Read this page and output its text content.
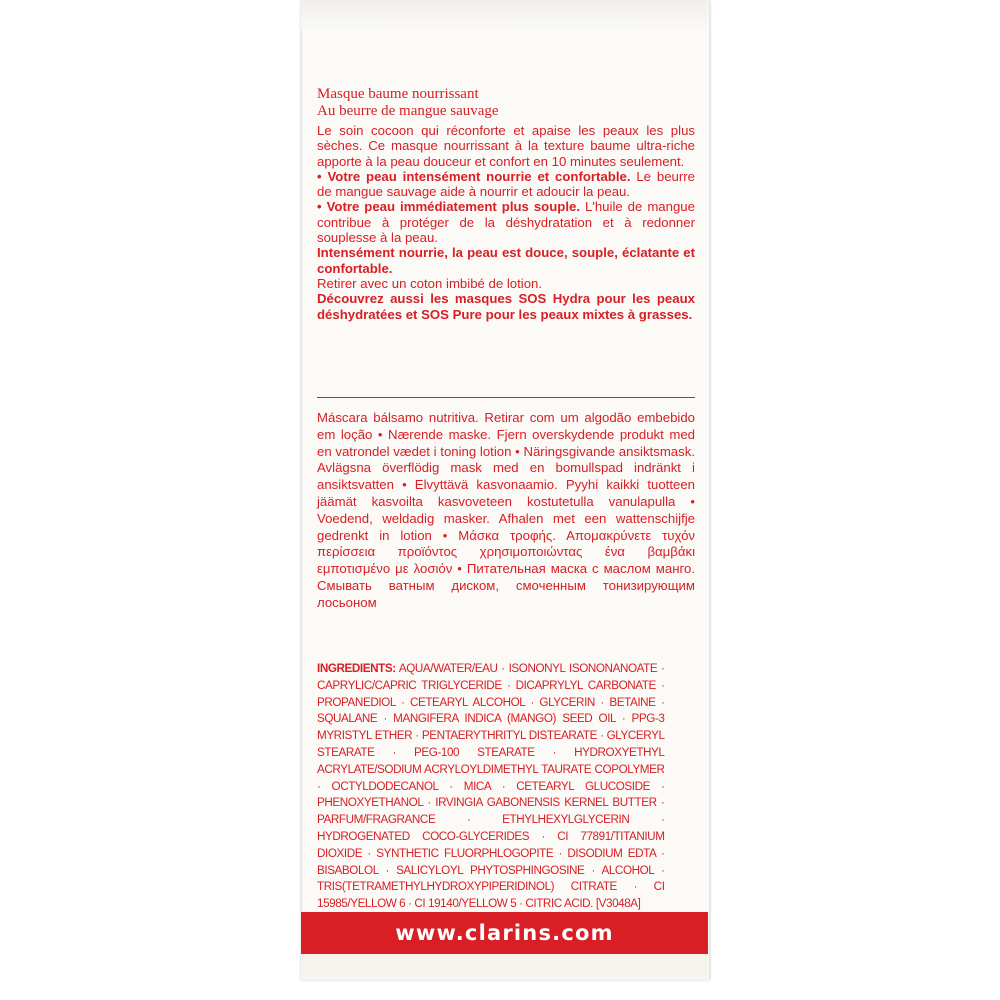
Masque baume nourrissant

Au beurre de mangue sauvage

Le soin cocoon qui réconforte et apaise les peaux les plus sèches. Ce masque nourrissant à la texture baume ultra-riche apporte à la peau douceur et confort en 10 minutes seulement.

• Votre peau intensément nourrie et confortable. Le beurre de mangue sauvage aide à nourrir et adoucir la peau.

• Votre peau immédiatement plus souple. L'huile de mangue contribue à protéger de la déshydratation et à redonner souplesse à la peau.

Intensément nourrie, la peau est douce, souple, éclatante et confortable.

Retirer avec un coton imbibé de lotion.

Découvrez aussi les masques SOS Hydra pour les peaux déshydratées et SOS Pure pour les peaux mixtes à grasses.

Máscara bálsamo nutritiva. Retirar com um algodão embebido em loção • Nærende maske. Fjern overskydende produkt med en vatrondel vædet i toning lotion • Näringsgivande ansiktsmask. Avlägsna överflödig mask med en bomullspad indränkt i ansiktsvatten • Elvyttävä kasvonaamio. Pyyhi kaikki tuotteen jäämät kasvoilta kasvoveteen kostutetulla vanulapulla • Voedend, weldadig masker. Afhalen met een wattenschijfje gedrenkt in lotion • Μάσκα τροφής. Απομακρύνετε τυχόν περίσσεια προϊόντος χρησιμοποιώντας ένα βαμβάκι εμποτισμένο με λοσιόν • Питательная маска с маслом манго. Смывать ватным диском, смоченным тонизирующим лосьоном

INGREDIENTS: AQUA/WATER/EAU · ISONONYL ISONONANOATE · CAPRYLIC/CAPRIC TRIGLYCERIDE · DICAPRYLYL CARBONATE · PROPANEDIOL · CETEARYL ALCOHOL · GLYCERIN · BETAINE · SQUALANE · MANGIFERA INDICA (MANGO) SEED OIL · PPG-3 MYRISTYL ETHER · PENTAERYTHRITYL DISTEARATE · GLYCERYL STEARATE · PEG-100 STEARATE · HYDROXYETHYL ACRYLATE/SODIUM ACRYLOYLDIMETHYL TAURATE COPOLYMER · OCTYLDODECANOL · MICA · CETEARYL GLUCOSIDE · PHENOXYETHANOL · IRVINGIA GABONENSIS KERNEL BUTTER · PARFUM/FRAGRANCE · ETHYLHEXYLGLYCERIN · HYDROGENATED COCO-GLYCERIDES · CI 77891/TITANIUM DIOXIDE · SYNTHETIC FLUORPHLOGOPITE · DISODIUM EDTA · BISABOLOL · SALICYLOYL PHYTOSPHINGOSINE · ALCOHOL · TRIS(TETRAMETHYLHYDROXYPIPERIDINOL) CITRATE · CI 15985/YELLOW 6 · CI 19140/YELLOW 5 · CITRIC ACID. [V3048A]

www.clarins.com
